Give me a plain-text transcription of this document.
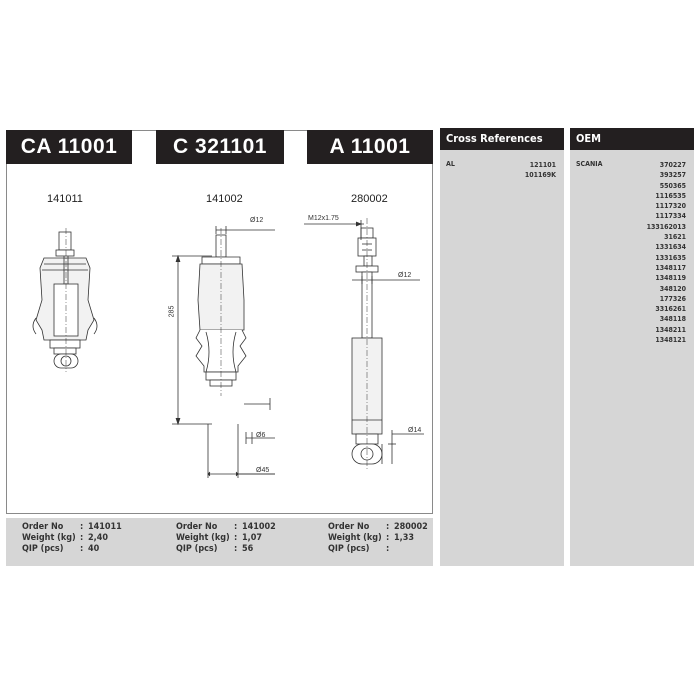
CA 11001	C 321101	A 11001
141011	141002	280002
Ø12
285
Ø6
Ø45
M12x1.75
Ø12
Ø14
Order No	: 141011
Weight (kg) : 2,40
QIP (pcs)	: 40
Order No	: 141002
Weight (kg) : 1,07
QIP (pcs)	: 56
Order No	: 280002
Weight (kg) : 1,33
QIP (pcs)	:
Cross References
AL	121101
101169K
OEM
SCANIA	370227
393257
550365
1116535
1117320
1117334
133162013
31621
1331634
1331635
1348117
1348119
348120
177326
3316261
348118
1348211
1348121
